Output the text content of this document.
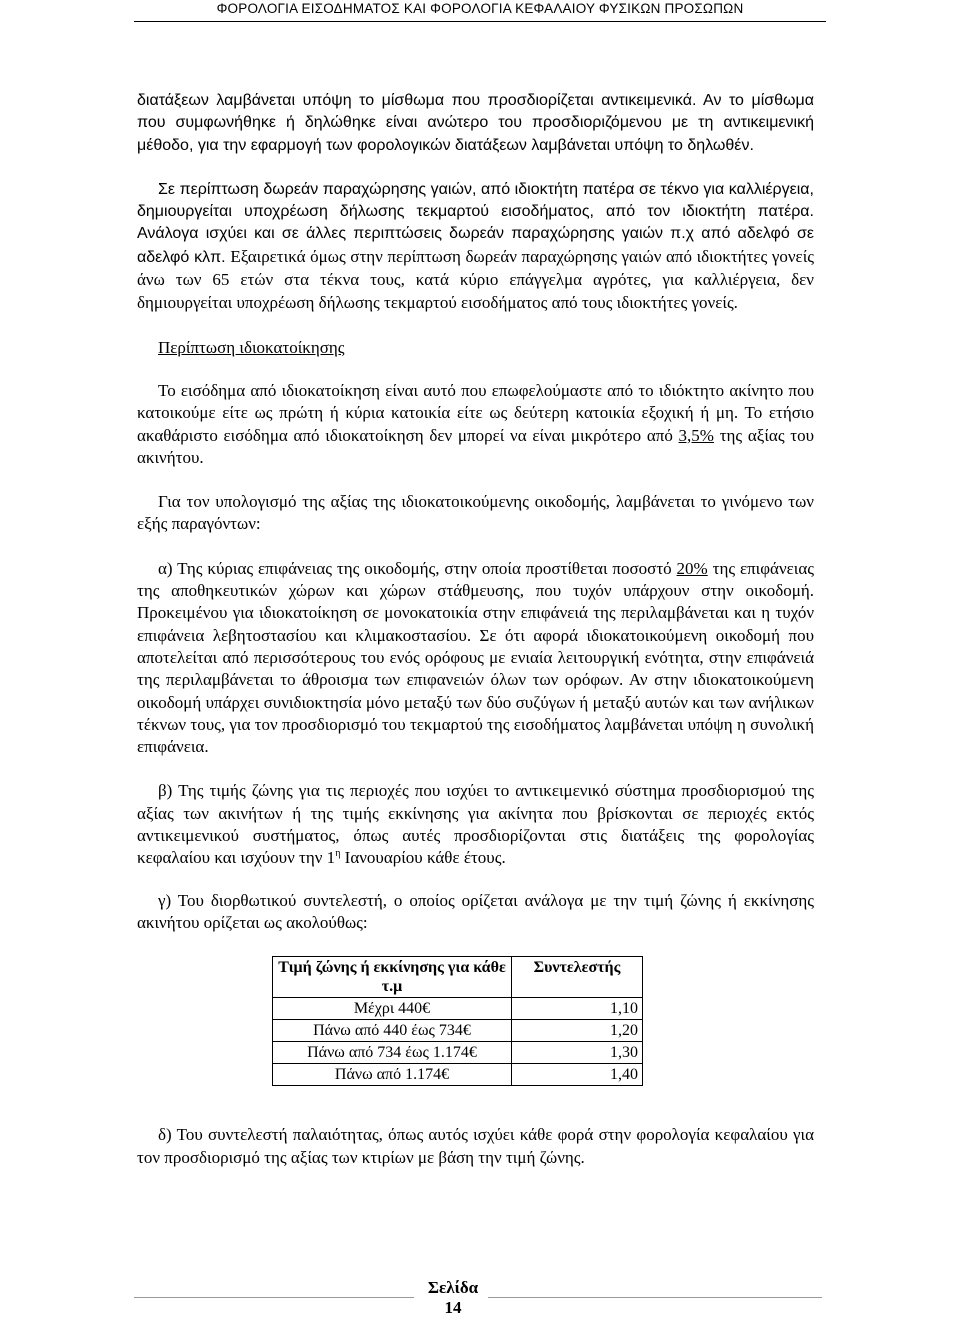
ΦΟΡΟΛΟΓΙΑ ΕΙΣΟΔΗΜΑΤΟΣ ΚΑΙ ΦΟΡΟΛΟΓΙΑ ΚΕΦΑΛΑΙΟΥ ΦΥΣΙΚΩΝ ΠΡΟΣΩΠΩΝ

διατάξεων λαμβάνεται υπόψη το μίσθωμα που προσδιορίζεται αντικειμενικά. Αν το μίσθωμα που συμφωνήθηκε ή δηλώθηκε είναι ανώτερο του προσδιοριζόμενου με τη αντικειμενική μέθοδο, για την εφαρμογή των φορολογικών διατάξεων λαμβάνεται υπόψη το δηλωθέν.

Σε περίπτωση δωρεάν παραχώρησης γαιών, από ιδιοκτήτη πατέρα σε τέκνο για καλλιέργεια, δημιουργείται υποχρέωση δήλωσης τεκμαρτού εισοδήματος, από τον ιδιοκτήτη πατέρα. Ανάλογα ισχύει και σε άλλες περιπτώσεις δωρεάν παραχώρησης γαιών π.χ από αδελφό σε αδελφό κλπ. Εξαιρετικά όμως στην περίπτωση δωρεάν παραχώρησης γαιών από ιδιοκτήτες γονείς άνω των 65 ετών στα τέκνα τους, κατά κύριο επάγγελμα αγρότες, για καλλιέργεια, δεν δημιουργείται υποχρέωση δήλωσης τεκμαρτού εισοδήματος από τους ιδιοκτήτες γονείς.

Περίπτωση ιδιοκατοίκησης

Το εισόδημα από ιδιοκατοίκηση είναι αυτό που επωφελούμαστε από το ιδιόκτητο ακίνητο που κατοικούμε είτε ως πρώτη ή κύρια κατοικία είτε ως δεύτερη κατοικία εξοχική ή μη. Το ετήσιο ακαθάριστο εισόδημα από ιδιοκατοίκηση δεν μπορεί να είναι μικρότερο από 3,5% της αξίας του ακινήτου.

Για τον υπολογισμό της αξίας της ιδιοκατοικούμενης οικοδομής, λαμβάνεται το γινόμενο των εξής παραγόντων:

α) Της κύριας επιφάνειας της οικοδομής, στην οποία προστίθεται ποσοστό 20% της επιφάνειας της αποθηκευτικών χώρων και χώρων στάθμευσης, που τυχόν υπάρχουν στην οικοδομή. Προκειμένου για ιδιοκατοίκηση σε μονοκατοικία στην επιφάνειά της περιλαμβάνεται και η τυχόν επιφάνεια λεβητοστασίου και κλιμακοστασίου. Σε ότι αφορά ιδιοκατοικούμενη οικοδομή που αποτελείται από περισσότερους του ενός ορόφους με ενιαία λειτουργική ενότητα, στην επιφάνειά της περιλαμβάνεται το άθροισμα των επιφανειών όλων των ορόφων. Αν στην ιδιοκατοικούμενη οικοδομή υπάρχει συνιδιοκτησία μόνο μεταξύ των δύο συζύγων ή μεταξύ αυτών και των ανήλικων τέκνων τους, για τον προσδιορισμό του τεκμαρτού της εισοδήματος λαμβάνεται υπόψη η συνολική επιφάνεια.

β) Της τιμής ζώνης για τις περιοχές που ισχύει το αντικειμενικό σύστημα προσδιορισμού της αξίας των ακινήτων ή της τιμής εκκίνησης για ακίνητα που βρίσκονται σε περιοχές εκτός αντικειμενικού συστήματος, όπως αυτές προσδιορίζονται στις διατάξεις της φορολογίας κεφαλαίου και ισχύουν την $1^\eta$ Ιανουαρίου κάθε έτους.

γ) Του διορθωτικού συντελεστή, ο οποίος ορίζεται ανάλογα με την τιμή ζώνης ή εκκίνησης ακινήτου ορίζεται ως ακολούθως:

Τιμή ζώνης ή εκκίνησης για κάθε τ.μ	Συντελεστής
Μέχρι 440€	1,10
Πάνω από 440 έως 734€	1,20
Πάνω από 734 έως 1.174€	1,30
Πάνω από 1.174€	1,40

δ) Του συντελεστή παλαιότητας, όπως αυτός ισχύει κάθε φορά στην φορολογία κεφαλαίου για τον προσδιορισμό της αξίας των κτιρίων με βάση την τιμή ζώνης.

Σελίδα
14
